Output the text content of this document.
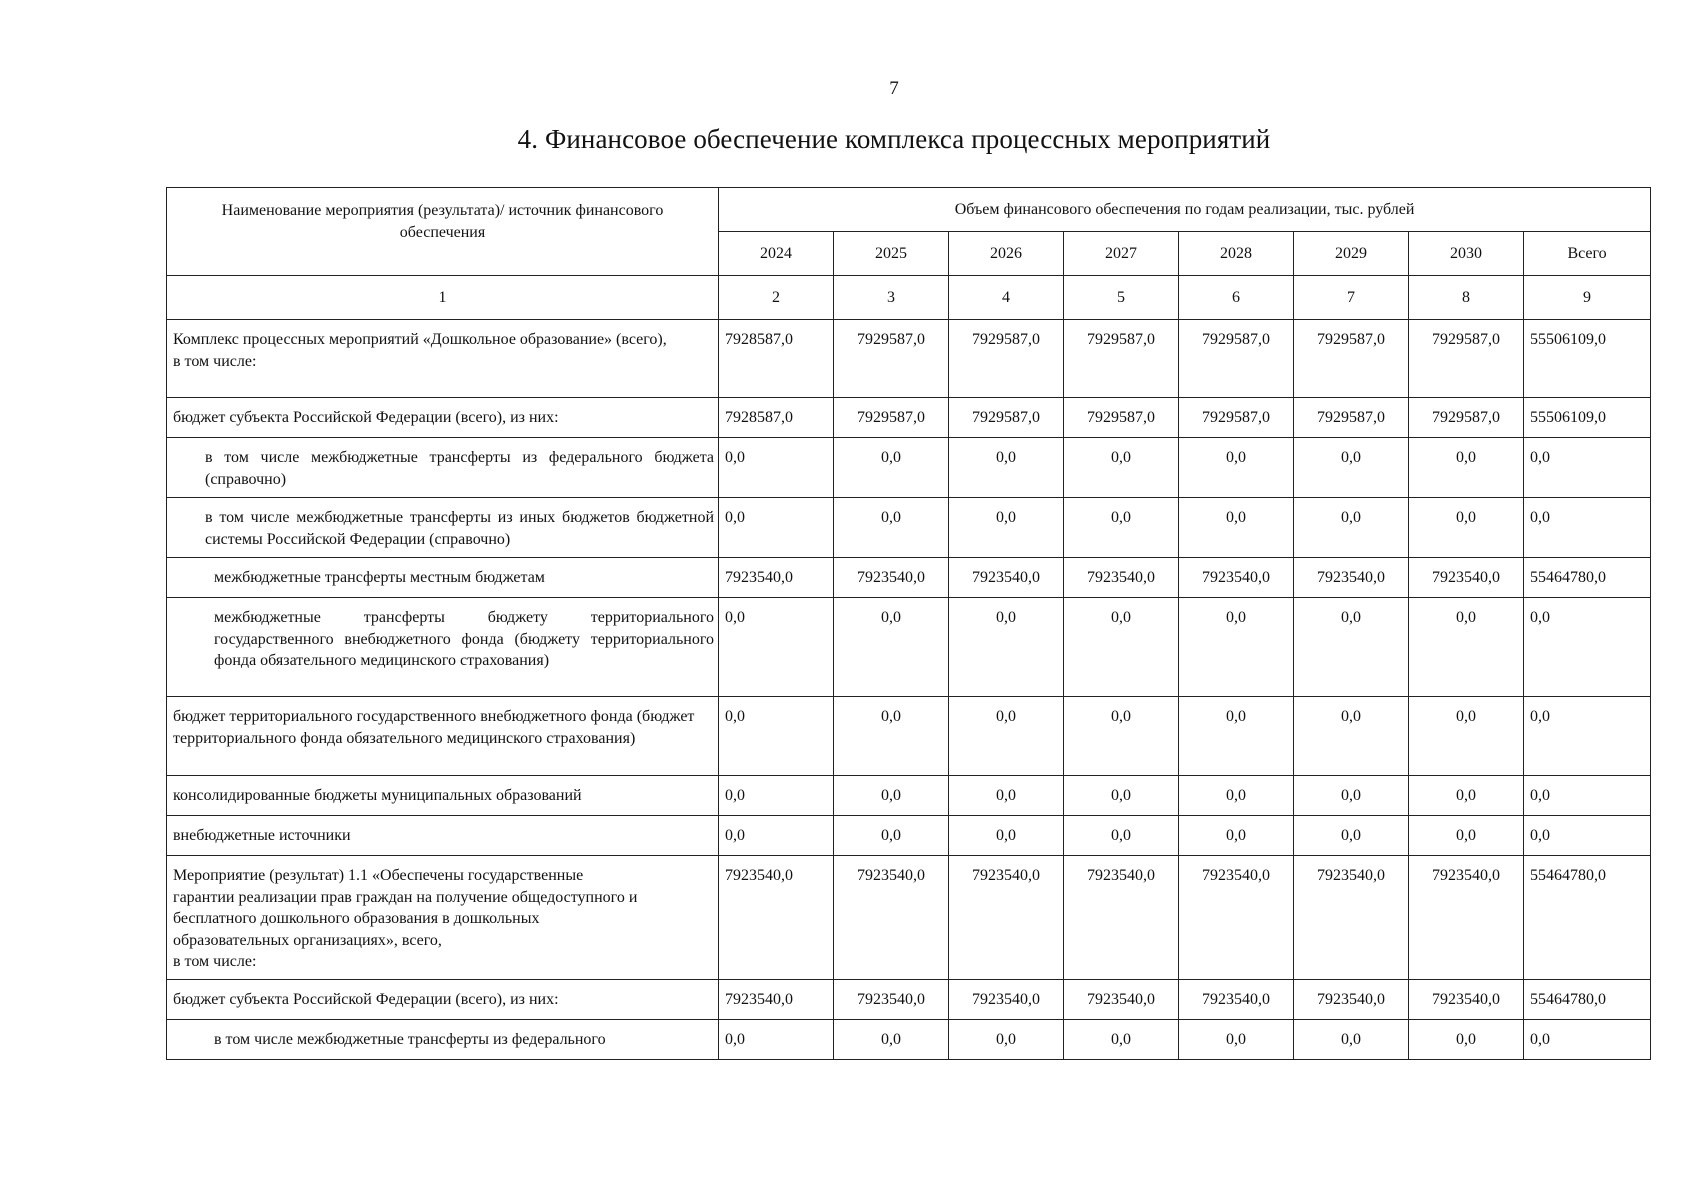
7
4. Финансовое обеспечение комплекса процессных мероприятий
Наименование мероприятия (результата)/ источник финансового обеспечения	Объем финансового обеспечения по годам реализации, тыс. рублей							
	2024	2025	2026	2027	2028	2029	2030	Всего
1	2	3	4	5	6	7	8	9
Комплекс процессных мероприятий «Дошкольное образование» (всего),
в том числе:	7928587,0	7929587,0	7929587,0	7929587,0	7929587,0	7929587,0	7929587,0	55506109,0
бюджет субъекта Российской Федерации (всего), из них:	7928587,0	7929587,0	7929587,0	7929587,0	7929587,0	7929587,0	7929587,0	55506109,0
в том числе межбюджетные трансферты из федерального бюджета (справочно)	0,0	0,0	0,0	0,0	0,0	0,0	0,0	0,0
в том числе межбюджетные трансферты из иных бюджетов бюджетной системы Российской Федерации (справочно)	0,0	0,0	0,0	0,0	0,0	0,0	0,0	0,0
межбюджетные трансферты местным бюджетам	7923540,0	7923540,0	7923540,0	7923540,0	7923540,0	7923540,0	7923540,0	55464780,0
межбюджетные трансферты бюджету территориального государственного внебюджетного фонда (бюджету территориального фонда обязательного медицинского страхования)	0,0	0,0	0,0	0,0	0,0	0,0	0,0	0,0
бюджет территориального государственного внебюджетного фонда (бюджет территориального фонда обязательного медицинского страхования)	0,0	0,0	0,0	0,0	0,0	0,0	0,0	0,0
консолидированные бюджеты муниципальных образований	0,0	0,0	0,0	0,0	0,0	0,0	0,0	0,0
внебюджетные источники	0,0	0,0	0,0	0,0	0,0	0,0	0,0	0,0
Мероприятие (результат) 1.1 «Обеспечены государственные
гарантии реализации прав граждан на получение общедоступного и
бесплатного дошкольного образования в дошкольных
образовательных организациях», всего,
в том числе:	7923540,0	7923540,0	7923540,0	7923540,0	7923540,0	7923540,0	7923540,0	55464780,0
бюджет субъекта Российской Федерации (всего), из них:	7923540,0	7923540,0	7923540,0	7923540,0	7923540,0	7923540,0	7923540,0	55464780,0
в том числе межбюджетные трансферты из федерального	0,0	0,0	0,0	0,0	0,0	0,0	0,0	0,0
